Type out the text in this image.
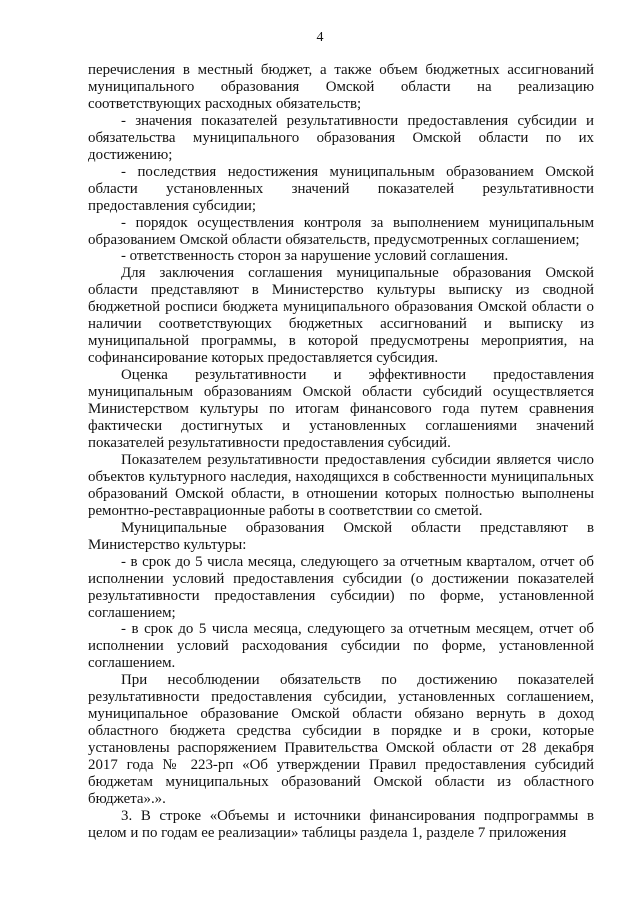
4

перечисления в местный бюджет, а также объем бюджетных ассигнований муниципального образования Омской области на реализацию соответствующих расходных обязательств;

- значения показателей результативности предоставления субсидии и обязательства муниципального образования Омской области по их достижению;

- последствия недостижения муниципальным образованием Омской области установленных значений показателей результативности предоставления субсидии;

- порядок осуществления контроля за выполнением муниципальным образованием Омской области обязательств, предусмотренных соглашением;

- ответственность сторон за нарушение условий соглашения.

Для заключения соглашения муниципальные образования Омской области представляют в Министерство культуры выписку из сводной бюджетной росписи бюджета муниципального образования Омской области о наличии соответствующих бюджетных ассигнований и выписку из муниципальной программы, в которой предусмотрены мероприятия, на софинансирование которых предоставляется субсидия.

Оценка результативности и эффективности предоставления муниципальным образованиям Омской области субсидий осуществляется Министерством культуры по итогам финансового года путем сравнения фактически достигнутых и установленных соглашениями значений показателей результативности предоставления субсидий.

Показателем результативности предоставления субсидии является число объектов культурного наследия, находящихся в собственности муниципальных образований Омской области, в отношении которых полностью выполнены ремонтно-реставрационные работы в соответствии со сметой.

Муниципальные образования Омской области представляют в Министерство культуры:

- в срок до 5 числа месяца, следующего за отчетным кварталом, отчет об исполнении условий предоставления субсидии (о достижении показателей результативности предоставления субсидии) по форме, установленной соглашением;

- в срок до 5 числа месяца, следующего за отчетным месяцем, отчет об исполнении условий расходования субсидии по форме, установленной соглашением.

При несоблюдении обязательств по достижению показателей результативности предоставления субсидии, установленных соглашением, муниципальное образование Омской области обязано вернуть в доход областного бюджета средства субсидии в порядке и в сроки, которые установлены распоряжением Правительства Омской области от 28 декабря 2017 года № 223-рп «Об утверждении Правил предоставления субсидий бюджетам муниципальных образований Омской области из областного бюджета».».

3. В строке «Объемы и источники финансирования подпрограммы в целом и по годам ее реализации» таблицы раздела 1, разделе 7 приложения
